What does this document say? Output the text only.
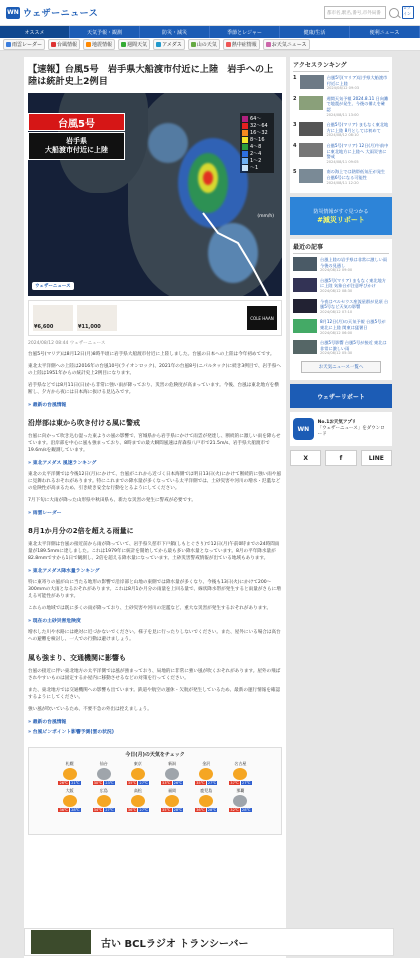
WN ウェザーニュース	都市名,駅名,番号,市外局番
ログイン
オススメ	天気予報・観測	防災・減災	季節とレジャー	健康/生活	便利ニュース
雨雲レーダー	台風情報	地震情報	週間天気	アメダス	山の天気	熱中症情報	お天気ニュース
【速報】台風5号　岩手県大船渡市付近に上陸　岩手への上陸は統計史上2例目
台風5号
岩手県
大船渡市付近に上陸
64〜
32〜64
16〜32
8〜16
4〜8
2〜4
1〜2
〜1
(mm/h)
ウェザーニュース
¥6,600	¥11,000
COLE HAAN
2024/08/12 08:44 ウェザーニュース

台風5号(マリア)は8月12日(月)8時半頃に岩手県大船渡市付近に上陸しました。台風の日本への上陸は今年初めてです。

東北太平洋側への上陸は2016年の台風10号(ライオンロック)、2021年の台風8号(ニパルタック)に続き3例目で、岩手県への上陸は1951年からの統計史上2例目になります。

岩手県などでは8月11日(日)から非常に強い雨が降っており、災害の危険度が高まっています。今後、台風は東北地方を横断し、夕方から夜には日本海に抜ける見込みです。

» 最新の台風情報
沿岸部は東から吹き付ける風に警戒

台風に向かって吹き込む湿った東よりの風の影響で、宮城県から岩手県にかけて雨雲が発達し、断続的に激しい雨を降らせています。沿岸部を中心に風も強まっており、8時までの最大瞬間風速は青森県八戸市で21.5m/s、岩手県大船渡市で19.6m/sを観測しています。

» 東北アメダス 風速ランキング

東北の太平洋側では今後12日(月)にかけて、台風がこれから近づく日本海側では明日13日(火)にかけて断続的に強い雨や風に見舞われるおそれがあります。特にこれまでの降水量が多くなっている太平洋側では、土砂災害や河川の増水・氾濫などの危険性が高まるため、引き続き安全な行動をとるようにしてください。

7月下旬に大雨が降った山形県や秋田県も、新たな災害の発生に警戒が必要です。

» 雨雲レーダー
8月1か月分の2倍を超える雨量に

東北太平洋側は台風の接近前から雨が降っていて、岩手県久慈市下戸鎖(しもとぐさり)で12日(月)午前0時までの24時間雨量が189.5mmに達しました。これは1979年に統計を開始してから最も多い降水量となっています。8月の平年降水量が82.8mmですから1日で観測し、2倍を超える降水量になっています。土砂災害警戒情報が出ている地域もあります。

» 東北アメダス降水量ランキング

特に東寄りの風が山に当たる地形の影響で沿岸部と山地の東側では降水量が多くなり、今後も13日(火)にかけて200〜300mmの大雨となるおそれがあります。これは8月1か月分の雨量を上回る量で、線状降水帯が発生すると雨量がさらに増える可能性があります。

これらの地域では既に多くの雨が降っており、土砂災害や河川の氾濫など、重大な災害が発生するおそれがあります。

» 現在の土砂災害危険度

増水した川や水路には絶対に近づかないでください。様子を見に行ったりしないでください。また、屋外にいる場合は高台への避難を検討し、一人での行動は避けましょう。

風も強まり、交通機関に影響も

台風の接近に伴い東北地方の太平洋側では風が強まっており、局地的に非常に強い風が吹くおそれがあります。屋外の飛ばされやすいものは固定するか屋内に移動させるなどの対策を行ってください。

また、東北地方では交通機関への影響も出ています。鉄道や航空の運休・欠航が発生しているため、最新の運行情報を確認するようにしてください。

強い風が吹いているため、不要不急の外出は控えましょう。

» 最新の台風情報
» 台風ピンポイント影響予測(雲の状況)
今日(月)の天気をチェック
札幌
26℃ 21℃
仙台
30℃ 23℃
東京
35℃ 27℃
新潟
33℃ 26℃
金沢
35℃ 27℃
名古屋
37℃ 27℃
大阪
36℃ 28℃
広島
34℃ 27℃
高松
36℃ 27℃
福岡
35℃ 28℃
鹿児島
36℃ 28℃
那覇
32℃ 28℃
アクセスランキング
1	台風5号(マリア)岩手県大船渡市付近に上陸
2024/08/12 09:03
2	週間天気予報 2024.8.11 日向灘で地震が発生、今後の備えを確認
2024/08/11 13:00
3	台風5号(マリア) まもなく東北地方に上陸 8月としては初めて
2024/08/12 08:10
4	台風5号(マリア) 12日(月)午前中に東北地方に上陸へ 大雨災害に警戒
2024/08/11 09:05
5	南の海上では熱帯低気圧が発生 台風6号になる可能性
2024/08/11 12:20
防災情報がすぐ見つかる
#減災リポート
最近の記事
台風上陸の岩手県は非常に激しい雨 今後の見通し
2024/08/12 09:00
台風5号(マリア) まもなく東北地方に上陸 気象台が注意呼びかけ
2024/08/12 08:30
今夜はペルセウス座流星群が見頃 台風5号など天気の影響
2024/08/12 07:10
8月12日(月)の天気予報 台風5号が東北に上陸 関東は猛暑日
2024/08/12 06:00
台風5号影響 台風5号が接近 東北は非常に激しい雨
2024/08/12 05:30
お天気ニュース一覧へ
ウェザーリポート
WN
No.1お天気アプリ
「ウェザーニュース」をダウンロード
X	f	LINE
古い BCLラジオ トランシーバー
